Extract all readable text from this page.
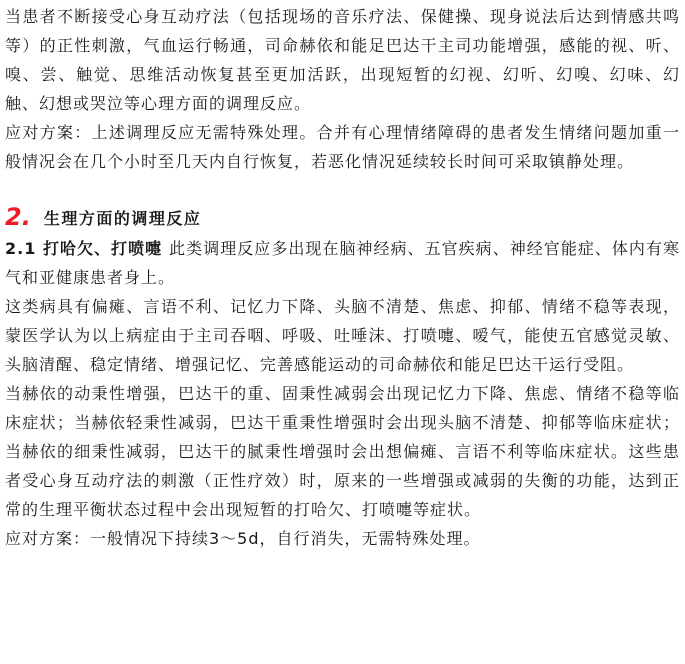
当患者不断接受心身互动疗法（包括现场的音乐疗法、保健操、现身说法后达到情感共鸣等）的正性刺激，气血运行畅通，司命赫依和能足巴达干主司功能增强，感能的视、听、嗅、尝、触觉、思维活动恢复甚至更加活跃，出现短暂的幻视、幻听、幻嗅、幻味、幻触、幻想或哭泣等心理方面的调理反应。

应对方案：上述调理反应无需特殊处理。合并有心理情绪障碍的患者发生情绪问题加重一般情况会在几个小时至几天内自行恢复，若恶化情况延续较长时间可采取镇静处理。

2. 生理方面的调理反应

2.1 打哈欠、打喷嚏 此类调理反应多出现在脑神经病、五官疾病、神经官能症、体内有寒气和亚健康患者身上。

这类病具有偏瘫、言语不利、记忆力下降、头脑不清楚、焦虑、抑郁、情绪不稳等表现，蒙医学认为以上病症由于主司吞咽、呼吸、吐唾沫、打喷嚏、嗳气，能使五官感觉灵敏、头脑清醒、稳定情绪、增强记忆、完善感能运动的司命赫依和能足巴达干运行受阻。

当赫依的动秉性增强，巴达干的重、固秉性减弱会出现记忆力下降、焦虑、情绪不稳等临床症状；当赫依轻秉性减弱，巴达干重秉性增强时会出现头脑不清楚、抑郁等临床症状；当赫依的细秉性减弱，巴达干的腻秉性增强时会出想偏瘫、言语不利等临床症状。这些患者受心身互动疗法的刺激（正性疗效）时，原来的一些增强或减弱的失衡的功能，达到正常的生理平衡状态过程中会出现短暂的打哈欠、打喷嚏等症状。

应对方案：一般情况下持续3～5d，自行消失，无需特殊处理。
